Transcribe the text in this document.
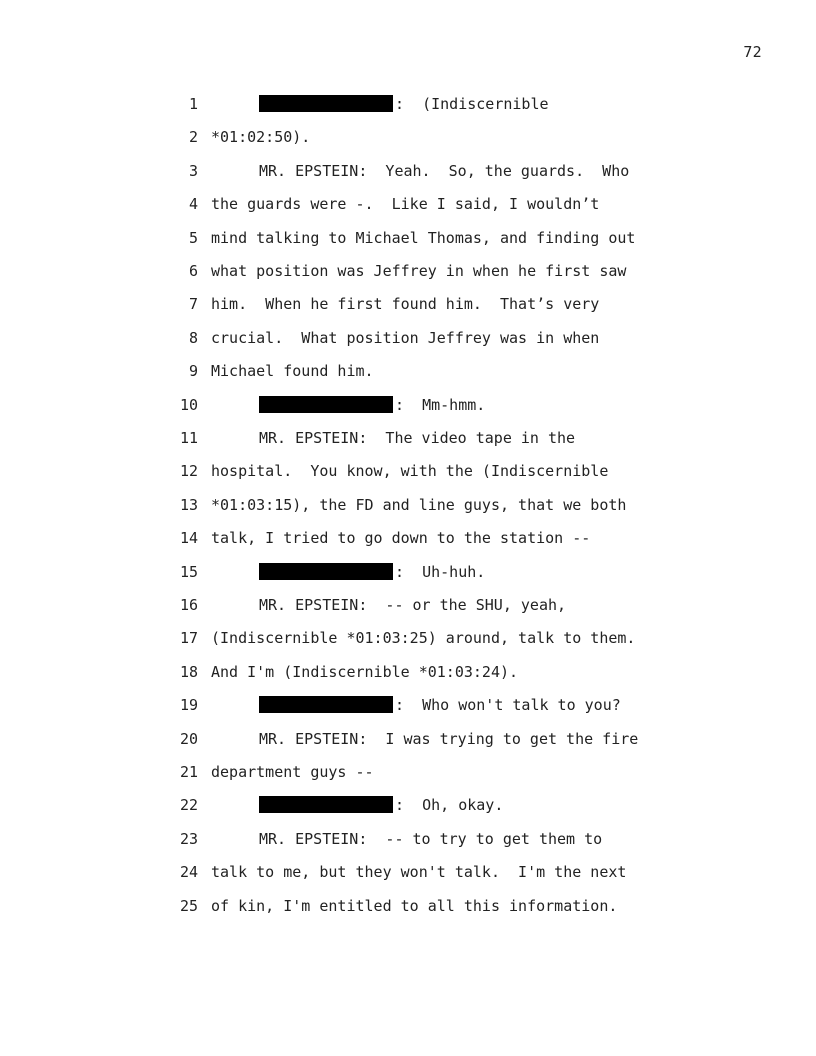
72
1	:  (Indiscernible
2 *01:02:50).
3	MR. EPSTEIN:  Yeah.  So, the guards.  Who
4 the guards were -.  Like I said, I wouldn’t
5 mind talking to Michael Thomas, and finding out
6 what position was Jeffrey in when he first saw
7 him.  When he first found him.  That’s very
8 crucial.  What position Jeffrey was in when
9 Michael found him.
10	:  Mm-hmm.
11	MR. EPSTEIN:  The video tape in the
12 hospital.  You know, with the (Indiscernible
13 *01:03:15), the FD and line guys, that we both
14 talk, I tried to go down to the station --
15	:  Uh-huh.
16	MR. EPSTEIN:  -- or the SHU, yeah,
17 (Indiscernible *01:03:25) around, talk to them.
18 And I'm (Indiscernible *01:03:24).
19	:  Who won't talk to you?
20	MR. EPSTEIN:  I was trying to get the fire
21 department guys --
22	:  Oh, okay.
23	MR. EPSTEIN:  -- to try to get them to
24 talk to me, but they won't talk.  I'm the next
25 of kin, I'm entitled to all this information.
